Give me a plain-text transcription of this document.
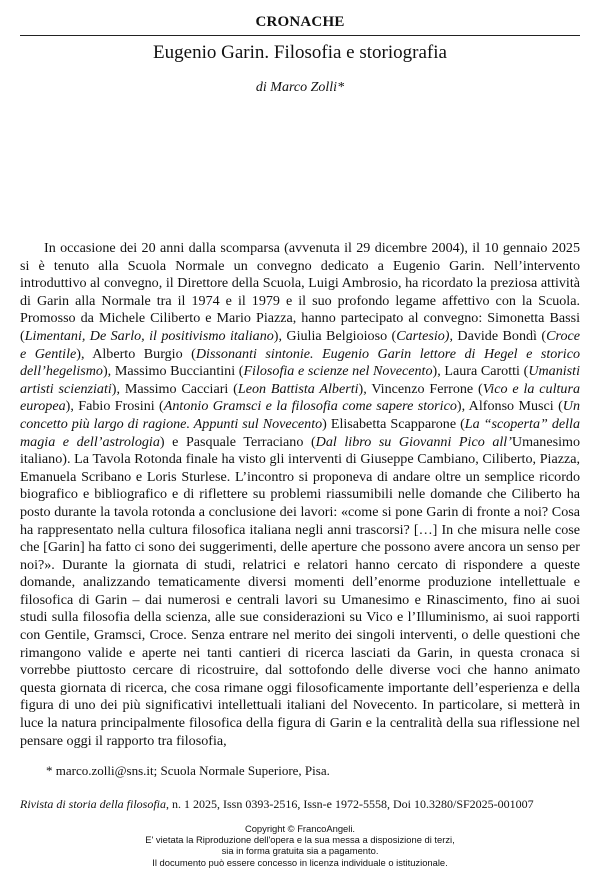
CRONACHE
Eugenio Garin. Filosofia e storiografia
di Marco Zolli*

In occasione dei 20 anni dalla scomparsa (avvenuta il 29 dicembre 2004), il 10 gennaio 2025 si è tenuto alla Scuola Normale un convegno dedicato a Eugenio Garin. Nell’intervento introduttivo al convegno, il Direttore della Scuola, Luigi Ambrosio, ha ricordato la preziosa attività di Garin alla Normale tra il 1974 e il 1979 e il suo profondo legame affettivo con la Scuola. Promosso da Michele Ciliberto e Mario Piazza, hanno partecipato al convegno: Simonetta Bassi (Limentani, De Sarlo, il positivismo italiano), Giulia Belgioioso (Cartesio), Davide Bondì (Croce e Gentile), Alberto Burgio (Dissonanti sintonie. Eugenio Garin lettore di Hegel e storico dell’hegelismo), Massimo Bucciantini (Filosofia e scienze nel Novecento), Laura Carotti (Umanisti artisti scienziati), Massimo Cacciari (Leon Battista Alberti), Vincenzo Ferrone (Vico e la cultura europea), Fabio Frosini (Antonio Gramsci e la filosofia come sapere storico), Alfonso Musci (Un concetto più largo di ragione. Appunti sul Novecento) Elisabetta Scapparone (La “scoperta” della magia e dell’astrologia) e Pasquale Terraciano (Dal libro su Giovanni Pico all’Umanesimo italiano). La Tavola Rotonda finale ha visto gli interventi di Giuseppe Cambiano, Ciliberto, Piazza, Emanuela Scribano e Loris Sturlese. L’incontro si proponeva di andare oltre un semplice ricordo biografico e bibliografico e di riflettere su problemi riassumibili nelle domande che Ciliberto ha posto durante la tavola rotonda a conclusione dei lavori: «come si pone Garin di fronte a noi? Cosa ha rappresentato nella cultura filosofica italiana negli anni trascorsi? […] In che misura nelle cose che [Garin] ha fatto ci sono dei suggerimenti, delle aperture che possono avere ancora un senso per noi?». Durante la giornata di studi, relatrici e relatori hanno cercato di rispondere a queste domande, analizzando tematicamente diversi momenti dell’enorme produzione intellettuale e filosofica di Garin – dai numerosi e centrali lavori su Umanesimo e Rinascimento, fino ai suoi studi sulla filosofia della scienza, alle sue considerazioni su Vico e l’Illuminismo, ai suoi rapporti con Gentile, Gramsci, Croce. Senza entrare nel merito dei singoli interventi, o delle questioni che rimangono valide e aperte nei tanti cantieri di ricerca lasciati da Garin, in questa cronaca si vorrebbe piuttosto cercare di ricostruire, dal sottofondo delle diverse voci che hanno animato questa giornata di ricerca, che cosa rimane oggi filosoficamente importante dell’esperienza e della figura di uno dei più significativi intellettuali italiani del Novecento. In particolare, si metterà in luce la natura principalmente filosofica della figura di Garin e la centralità della sua riflessione nel pensare oggi il rapporto tra filosofia,

* marco.zolli@sns.it; Scuola Normale Superiore, Pisa.
Rivista di storia della filosofia, n. 1 2025, Issn 0393-2516, Issn-e 1972-5558, Doi 10.3280/SF2025-001007
Copyright © FrancoAngeli.
E' vietata la Riproduzione dell'opera e la sua messa a disposizione di terzi,
sia in forma gratuita sia a pagamento.
Il documento può essere concesso in licenza individuale o istituzionale.
